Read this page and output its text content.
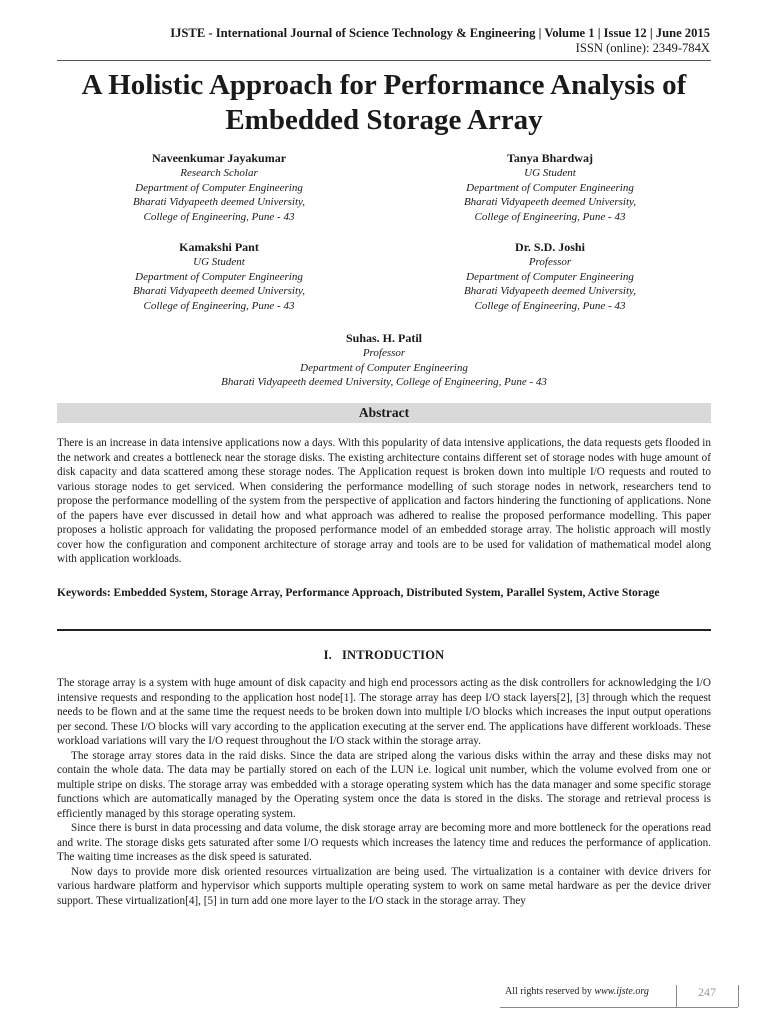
IJSTE - International Journal of Science Technology & Engineering | Volume 1 | Issue 12 | June 2015
ISSN (online): 2349-784X
A Holistic Approach for Performance Analysis of
Embedded Storage Array
Naveenkumar Jayakumar
Research Scholar
Department of Computer Engineering
Bharati Vidyapeeth deemed University,
College of Engineering, Pune - 43
Tanya Bhardwaj
UG Student
Department of Computer Engineering
Bharati Vidyapeeth deemed University,
College of Engineering, Pune - 43
Kamakshi Pant
UG Student
Department of Computer Engineering
Bharati Vidyapeeth deemed University,
College of Engineering, Pune - 43
Dr. S.D. Joshi
Professor
Department of Computer Engineering
Bharati Vidyapeeth deemed University,
College of Engineering, Pune - 43
Suhas. H. Patil
Professor
Department of Computer Engineering
Bharati Vidyapeeth deemed University, College of Engineering, Pune - 43
Abstract
There is an increase in data intensive applications now a days. With this popularity of data intensive applications, the data requests gets flooded in the network and creates a bottleneck near the storage disks. The existing architecture contains different set of storage nodes with huge amount of disk capacity and data scattered among these storage nodes. The Application request is broken down into multiple I/O requests and routed to various storage nodes to get serviced. When considering the performance modelling of such storage nodes in network, researchers tend to propose the performance modelling of the system from the perspective of application and factors hindering the functioning of applications. None of the papers have ever discussed in detail how and what approach was adhered to realise the proposed performance modelling. This paper proposes a holistic approach for validating the proposed performance model of an embedded storage array. The holistic approach will mostly cover how the configuration and component architecture of storage array and tools are to be used for validation of mathematical model along with application workloads.
Keywords: Embedded System, Storage Array, Performance Approach, Distributed System, Parallel System, Active Storage
I. INTRODUCTION

The storage array is a system with huge amount of disk capacity and high end processors acting as the disk controllers for acknowledging the I/O intensive requests and responding to the application host node[1]. The storage array has deep I/O stack layers[2], [3] through which the request needs to be flown and at the same time the request needs to be broken down into multiple I/O blocks which increases the input output operations per second. These I/O blocks will vary according to the application executing at the server end. The applications have different workloads. These workload variations will vary the I/O request throughout the I/O stack within the storage array.

The storage array stores data in the raid disks. Since the data are striped along the various disks within the array and these disks may not contain the whole data. The data may be partially stored on each of the LUN i.e. logical unit number, which the volume evolved from one or multiple stripe on disks. The storage array was embedded with a storage operating system which has the data manager and some specific storage functions which are automatically managed by the Operating system once the data is stored in the disks. The storage and retrieval process is efficiently managed by this storage operating system.

Since there is burst in data processing and data volume, the disk storage array are becoming more and more bottleneck for the operations read and write. The storage disks gets saturated after some I/O requests which increases the latency time and reduces the performance of application. The waiting time increases as the disk speed is saturated.

Now days to provide more disk oriented resources virtualization are being used. The virtualization is a container with device drivers for various hardware platform and hypervisor which supports multiple operating system to work on same metal hardware as per the device driver support. These virtualization[4], [5] in turn add one more layer to the I/O stack in the storage array. They

All rights reserved by www.ijste.org	247
